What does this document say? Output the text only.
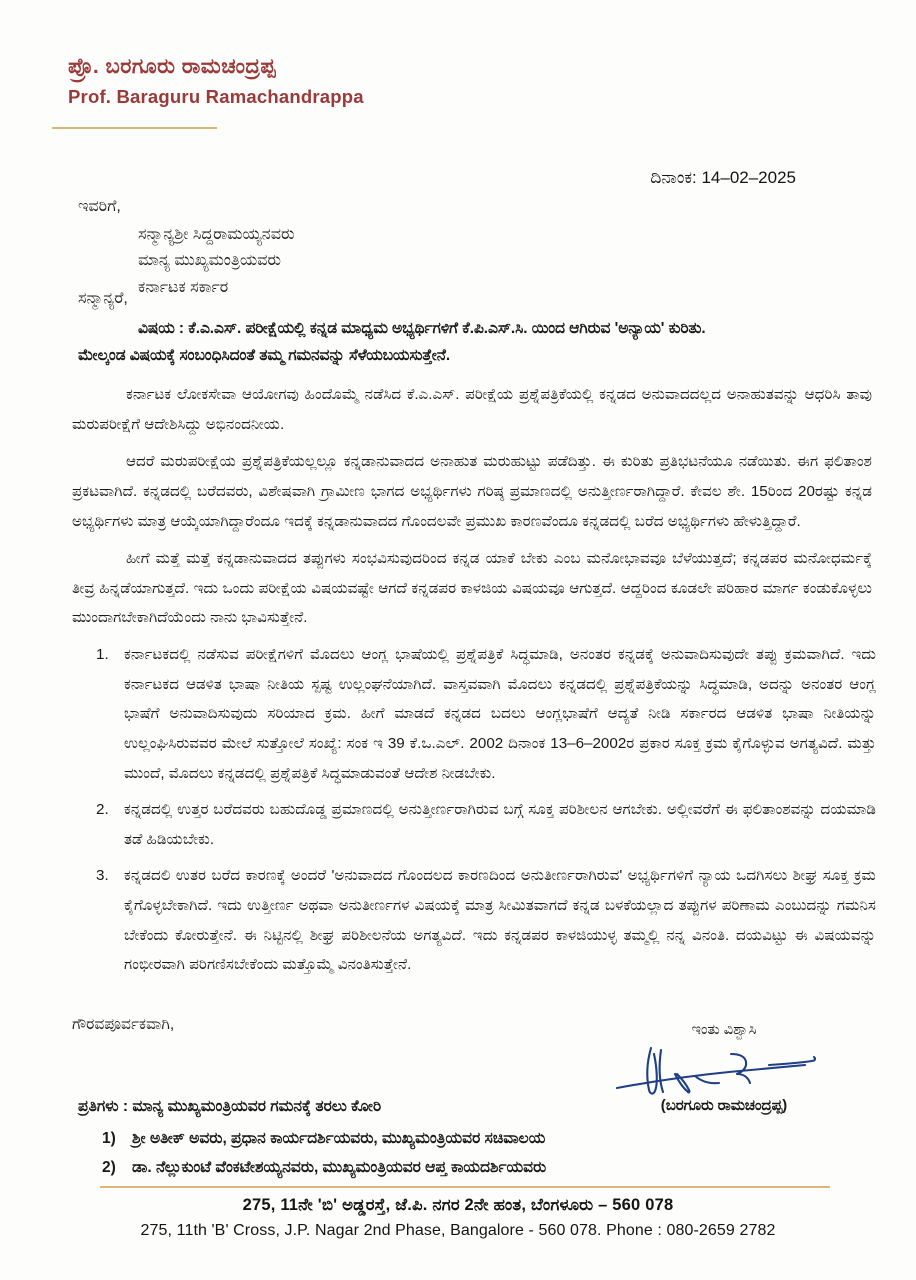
ಪ್ರೊ. ಬರಗೂರು ರಾಮಚಂದ್ರಪ್ಪ
Prof. Baraguru Ramachandrappa
ದಿನಾಂಕ: 14–02–2025
ಇವರಿಗೆ,
ಸನ್ಮಾನ್ಯಶ್ರೀ ಸಿದ್ದರಾಮಯ್ಯನವರು
ಮಾನ್ಯ ಮುಖ್ಯಮಂತ್ರಿಯವರು
ಕರ್ನಾಟಕ ಸರ್ಕಾರ
ಸನ್ಮಾನ್ಯರೆ,
ವಿಷಯ : ಕೆ.ಎ.ಎಸ್. ಪರೀಕ್ಷೆಯಲ್ಲಿ ಕನ್ನಡ ಮಾಧ್ಯಮ ಅಭ್ಯರ್ಥಿಗಳಿಗೆ ಕೆ.ಪಿ.ಎಸ್.ಸಿ. ಯಿಂದ ಆಗಿರುವ 'ಅನ್ಯಾಯ' ಕುರಿತು.
ಮೇಲ್ಕಂಡ ವಿಷಯಕ್ಕೆ ಸಂಬಂಧಿಸಿದಂತೆ ತಮ್ಮ ಗಮನವನ್ನು ಸೆಳೆಯಬಯಸುತ್ತೇನೆ.

ಕರ್ನಾಟಕ ಲೋಕಸೇವಾ ಆಯೋಗವು ಹಿಂದೊಮ್ಮೆ ನಡೆಸಿದ ಕೆ.ಎ.ಎಸ್. ಪರೀಕ್ಷೆಯ ಪ್ರಶ್ನೆಪತ್ರಿಕೆಯಲ್ಲಿ ಕನ್ನಡದ ಅನುವಾದದಲ್ಲದ ಅನಾಹುತವನ್ನು ಆಧರಿಸಿ ತಾವು ಮರುಪರೀಕ್ಷೆಗೆ ಆದೇಶಿಸಿದ್ದು ಅಭಿನಂದನೀಯ.

ಆದರೆ ಮರುಪರೀಕ್ಷೆಯ ಪ್ರಶ್ನೆಪತ್ರಿಕೆಯಲ್ಲಲ್ಲೂ ಕನ್ನಡಾನುವಾದದ ಅನಾಹುತ ಮರುಹುಟ್ಟು ಪಡೆದಿತ್ತು. ಈ ಕುರಿತು ಪ್ರತಿಭಟನೆಯೂ ನಡೆಯಿತು. ಈಗ ಫಲಿತಾಂಶ ಪ್ರಕಟವಾಗಿದೆ. ಕನ್ನಡದಲ್ಲಿ ಬರೆದವರು, ವಿಶೇಷವಾಗಿ ಗ್ರಾಮೀಣ ಭಾಗದ ಅಭ್ಯರ್ಥಿಗಳು ಗರಿಷ್ಠ ಪ್ರಮಾಣದಲ್ಲಿ ಅನುತ್ತೀರ್ಣರಾಗಿದ್ದಾರೆ. ಕೇವಲ ಶೇ. 15ರಿಂದ 20ರಷ್ಟು ಕನ್ನಡ ಅಭ್ಯರ್ಥಿಗಳು ಮಾತ್ರ ಆಯ್ಕೆಯಾಗಿದ್ದಾರೆಂದೂ ಇದಕ್ಕೆ ಕನ್ನಡಾನುವಾದದ ಗೊಂದಲವೇ ಪ್ರಮುಖ ಕಾರಣವೆಂದೂ ಕನ್ನಡದಲ್ಲಿ ಬರೆದ ಅಭ್ಯರ್ಥಿಗಳು ಹೇಳುತ್ತಿದ್ದಾರೆ.

ಹೀಗೆ ಮತ್ತೆ ಮತ್ತೆ ಕನ್ನಡಾನುವಾದದ ತಪ್ಪುಗಳು ಸಂಭವಿಸುವುದರಿಂದ ಕನ್ನಡ ಯಾಕೆ ಬೇಕು ಎಂಬ ಮನೋಭಾವವೂ ಬೆಳೆಯುತ್ತದೆ; ಕನ್ನಡಪರ ಮನೋಧರ್ಮಕ್ಕೆ ತೀವ್ರ ಹಿನ್ನಡೆಯಾಗುತ್ತದೆ. ಇದು ಒಂದು ಪರೀಕ್ಷೆಯ ವಿಷಯವಷ್ಟೇ ಆಗದೆ ಕನ್ನಡಪರ ಕಾಳಜಿಯ ವಿಷಯವೂ ಆಗುತ್ತದೆ. ಆದ್ದರಿಂದ ಕೂಡಲೇ ಪರಿಹಾರ ಮಾರ್ಗ ಕಂಡುಕೊಳ್ಳಲು ಮುಂದಾಗಬೇಕಾಗಿದೆಯೆಂದು ನಾನು ಭಾವಿಸುತ್ತೇನೆ.

1.	ಕರ್ನಾಟಕದಲ್ಲಿ ನಡೆಸುವ ಪರೀಕ್ಷೆಗಳಿಗೆ ಮೊದಲು ಆಂಗ್ಲ ಭಾಷೆಯಲ್ಲಿ ಪ್ರಶ್ನೆಪತ್ರಿಕೆ ಸಿದ್ಧಮಾಡಿ, ಅನಂತರ ಕನ್ನಡಕ್ಕೆ ಅನುವಾದಿಸುವುದೇ ತಪ್ಪು ಕ್ರಮವಾಗಿದೆ. ಇದು ಕರ್ನಾಟಕದ ಆಡಳಿತ ಭಾಷಾ ನೀತಿಯ ಸ್ಪಷ್ಟ ಉಲ್ಲಂಘನೆಯಾಗಿದೆ. ವಾಸ್ತವವಾಗಿ ಮೊದಲು ಕನ್ನಡದಲ್ಲಿ ಪ್ರಶ್ನೆಪತ್ರಿಕೆಯನ್ನು ಸಿದ್ಧಮಾಡಿ, ಅದನ್ನು ಅನಂತರ ಆಂಗ್ಲ ಭಾಷೆಗೆ ಅನುವಾದಿಸುವುದು ಸರಿಯಾದ ಕ್ರಮ. ಹೀಗೆ ಮಾಡದೆ ಕನ್ನಡದ ಬದಲು ಆಂಗ್ಲಭಾಷೆಗೆ ಆದ್ಯತೆ ನೀಡಿ ಸರ್ಕಾರದ ಆಡಳಿತ ಭಾಷಾ ನೀತಿಯನ್ನು ಉಲ್ಲಂಘಿಸಿರುವವರ ಮೇಲೆ ಸುತ್ತೋಲೆ ಸಂಖ್ಯೆ: ಸಂಕ ಇ 39 ಕೆ.ಒ.ಎಲ್. 2002 ದಿನಾಂಕ 13–6–2002ರ ಪ್ರಕಾರ ಸೂಕ್ತ ಕ್ರಮ ಕೈಗೊಳ್ಳುವ ಅಗತ್ಯವಿದೆ. ಮತ್ತು ಮುಂದೆ, ಮೊದಲು ಕನ್ನಡದಲ್ಲಿ ಪ್ರಶ್ನೆಪತ್ರಿಕೆ ಸಿದ್ಧಮಾಡುವಂತೆ ಆದೇಶ ನೀಡಬೇಕು.
2.	ಕನ್ನಡದಲ್ಲಿ ಉತ್ತರ ಬರೆದವರು ಬಹುದೊಡ್ಡ ಪ್ರಮಾಣದಲ್ಲಿ ಅನುತ್ತೀರ್ಣರಾಗಿರುವ ಬಗ್ಗೆ ಸೂಕ್ತ ಪರಿಶೀಲನ ಆಗಬೇಕು. ಅಲ್ಲೀವರೆಗೆ ಈ ಫಲಿತಾಂಶವನ್ನು ದಯಮಾಡಿ ತಡೆ ಹಿಡಿಯಬೇಕು.
3.	ಕನ್ನಡದಲಿ ಉತರ ಬರೆದ ಕಾರಣಕ್ಕೆ ಅಂದರೆ 'ಅನುವಾದದ ಗೊಂದಲದ ಕಾರಣದಿಂದ ಅನುತೀರ್ಣರಾಗಿರುವ' ಅಭ್ಯರ್ಥಿಗಳಿಗೆ ನ್ಯಾಯ ಒದಗಿಸಲು ಶೀಘ್ರ ಸೂಕ್ತ ಕ್ರಮ ಕೈಗೊಳ್ಳಬೇಕಾಗಿದೆ. ಇದು ಉತ್ತೀರ್ಣ ಅಥವಾ ಅನುತೀರ್ಣಗಳ ವಿಷಯಕ್ಕೆ ಮಾತ್ರ ಸೀಮಿತವಾಗದೆ ಕನ್ನಡ ಬಳಕೆಯಲ್ಲಾದ ತಪ್ಪುಗಳ ಪರಿಣಾಮ ಎಂಬುದನ್ನು ಗಮನಿಸ ಬೇಕೆಂದು ಕೋರುತ್ತೇನೆ. ಈ ನಿಟ್ಟಿನಲ್ಲಿ ಶೀಘ್ರ ಪರಿಶೀಲನೆಯ ಅಗತ್ಯವಿದೆ. ಇದು ಕನ್ನಡಪರ ಕಾಳಜಿಯುಳ್ಳ ತಮ್ಮಲ್ಲಿ ನನ್ನ ವಿನಂತಿ. ದಯವಿಟ್ಟು ಈ ವಿಷಯವನ್ನು ಗಂಭೀರವಾಗಿ ಪರಿಗಣಿಸಬೇಕೆಂದು ಮತ್ತೊಮ್ಮೆ ವಿನಂತಿಸುತ್ತೇನೆ.
ಗೌರವಪೂರ್ವಕವಾಗಿ,	ಇಂತು ವಿಶ್ವಾಸಿ
(ಬರಗೂರು ರಾಮಚಂದ್ರಪ್ಪ)
ಪ್ರತಿಗಳು : ಮಾನ್ಯ ಮುಖ್ಯಮಂತ್ರಿಯವರ ಗಮನಕ್ಕೆ ತರಲು ಕೋರಿ
1)	ಶ್ರೀ ಅತೀಕ್ ಅವರು, ಪ್ರಧಾನ ಕಾರ್ಯದರ್ಶಿಯವರು, ಮುಖ್ಯಮಂತ್ರಿಯವರ ಸಚಿವಾಲಯ
2)	ಡಾ. ನೆಲ್ಲುಕುಂಟೆ ವೆಂಕಟೇಶಯ್ಯನವರು, ಮುಖ್ಯಮಂತ್ರಿಯವರ ಆಪ್ತ ಕಾಯದರ್ಶಿಯವರು
275, 11ನೇ 'ಬಿ' ಅಡ್ಡರಸ್ತೆ, ಜೆ.ಪಿ. ನಗರ 2ನೇ ಹಂತ, ಬೆಂಗಳೂರು – 560 078
275, 11th 'B' Cross, J.P. Nagar 2nd Phase, Bangalore - 560 078. Phone : 080-2659 2782
